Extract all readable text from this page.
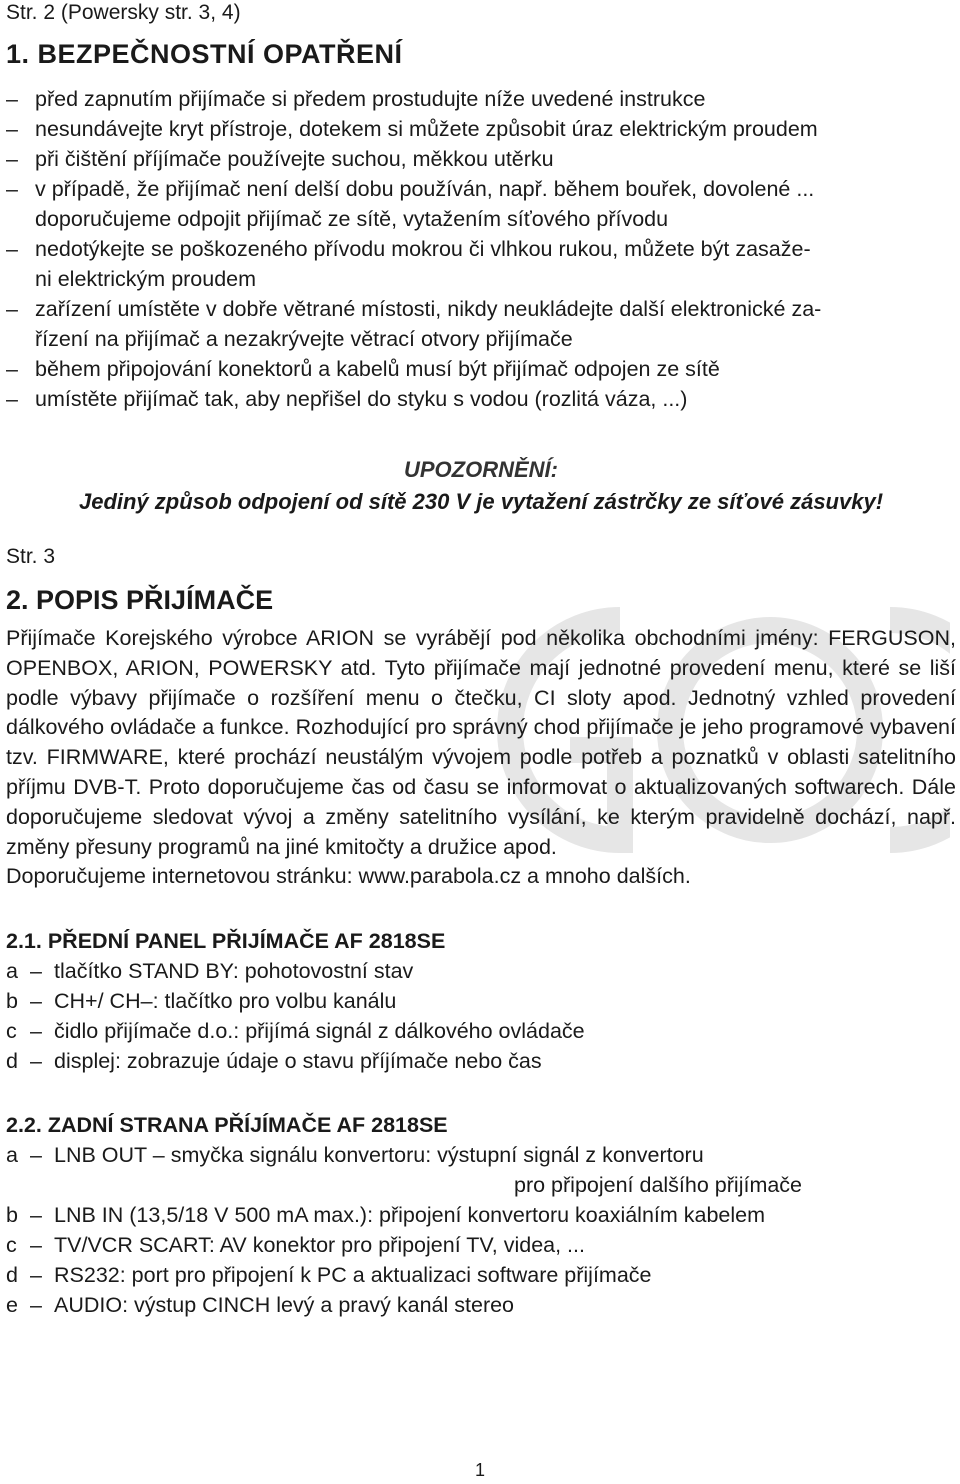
Str. 2 (Powersky str. 3, 4)

1. BEZPEČNOSTNÍ OPATŘENÍ
– před zapnutím přijímače si předem prostudujte níže uvedené instrukce
– nesundávejte kryt přístroje, dotekem si můžete způsobit úraz elektrickým proudem
– při čištění příjímače používejte suchou, měkkou utěrku
– v případě, že přijímač není delší dobu používán, např. během bouřek, dovolené ...
doporučujeme odpojit přijímač ze sítě, vytažením síťového přívodu
– nedotýkejte se poškozeného přívodu mokrou či vlhkou rukou, můžete být zasaže-
ni elektrickým proudem
– zařízení umístěte v dobře větrané místosti, nikdy neukládejte další elektronické za-
řízení na přijímač a nezakrývejte větrací otvory přijímače
– během připojování konektorů a kabelů musí být přijímač odpojen ze sítě
– umístěte přijímač tak, aby nepřišel do styku s vodou (rozlitá váza, ...)
UPOZORNĚNÍ:
Jediný způsob odpojení od sítě 230 V je vytažení zástrčky ze síťové zásuvky!

Str. 3

2. POPIS PŘIJÍMAČE

Přijímače Korejského výrobce ARION se vyrábějí pod několika obchodními jmény: FERGUSON, OPENBOX, ARION, POWERSKY atd. Tyto přijímače mají jednotné provedení menu, které se liší podle výbavy přijímače o rozšíření menu o čtečku, CI sloty apod. Jednotný vzhled provedení dálkového ovládače a funkce. Rozhodující pro správný chod přijímače je jeho programové vybavení tzv. FIRMWARE, které prochází neustálým vývojem podle potřeb a poznatků v oblasti satelitního příjmu DVB-T. Proto doporučujeme čas od času se informovat o aktualizovaných softwarech. Dále doporučujeme sledovat vývoj a změny satelitního vysílání, ke kterým pravidelně dochází, např. změny přesuny programů na jiné kmitočty a družice apod.

Doporučujeme internetovou stránku: www.parabola.cz a mnoho dalších.

2.1. PŘEDNÍ PANEL PŘIJÍMAČE AF 2818SE
a – tlačítko STAND BY: pohotovostní stav
b – CH+/ CH–: tlačítko pro volbu kanálu
c – čidlo přijímače d.o.: přijímá signál z dálkového ovládače
d – displej: zobrazuje údaje o stavu příjímače nebo čas
2.2. ZADNÍ STRANA PŘÍJÍMAČE AF 2818SE
a – LNB OUT – smyčka signálu konvertoru: výstupní signál z konvertoru
pro připojení dalšího přijímače
b – LNB IN (13,5/18 V 500 mA max.): připojení konvertoru koaxiálním kabelem
c – TV/VCR SCART: AV konektor pro připojení TV, videa, ...
d – RS232: port pro připojení k PC a aktualizaci software přijímače
e – AUDIO: výstup CINCH levý a pravý kanál stereo
1
